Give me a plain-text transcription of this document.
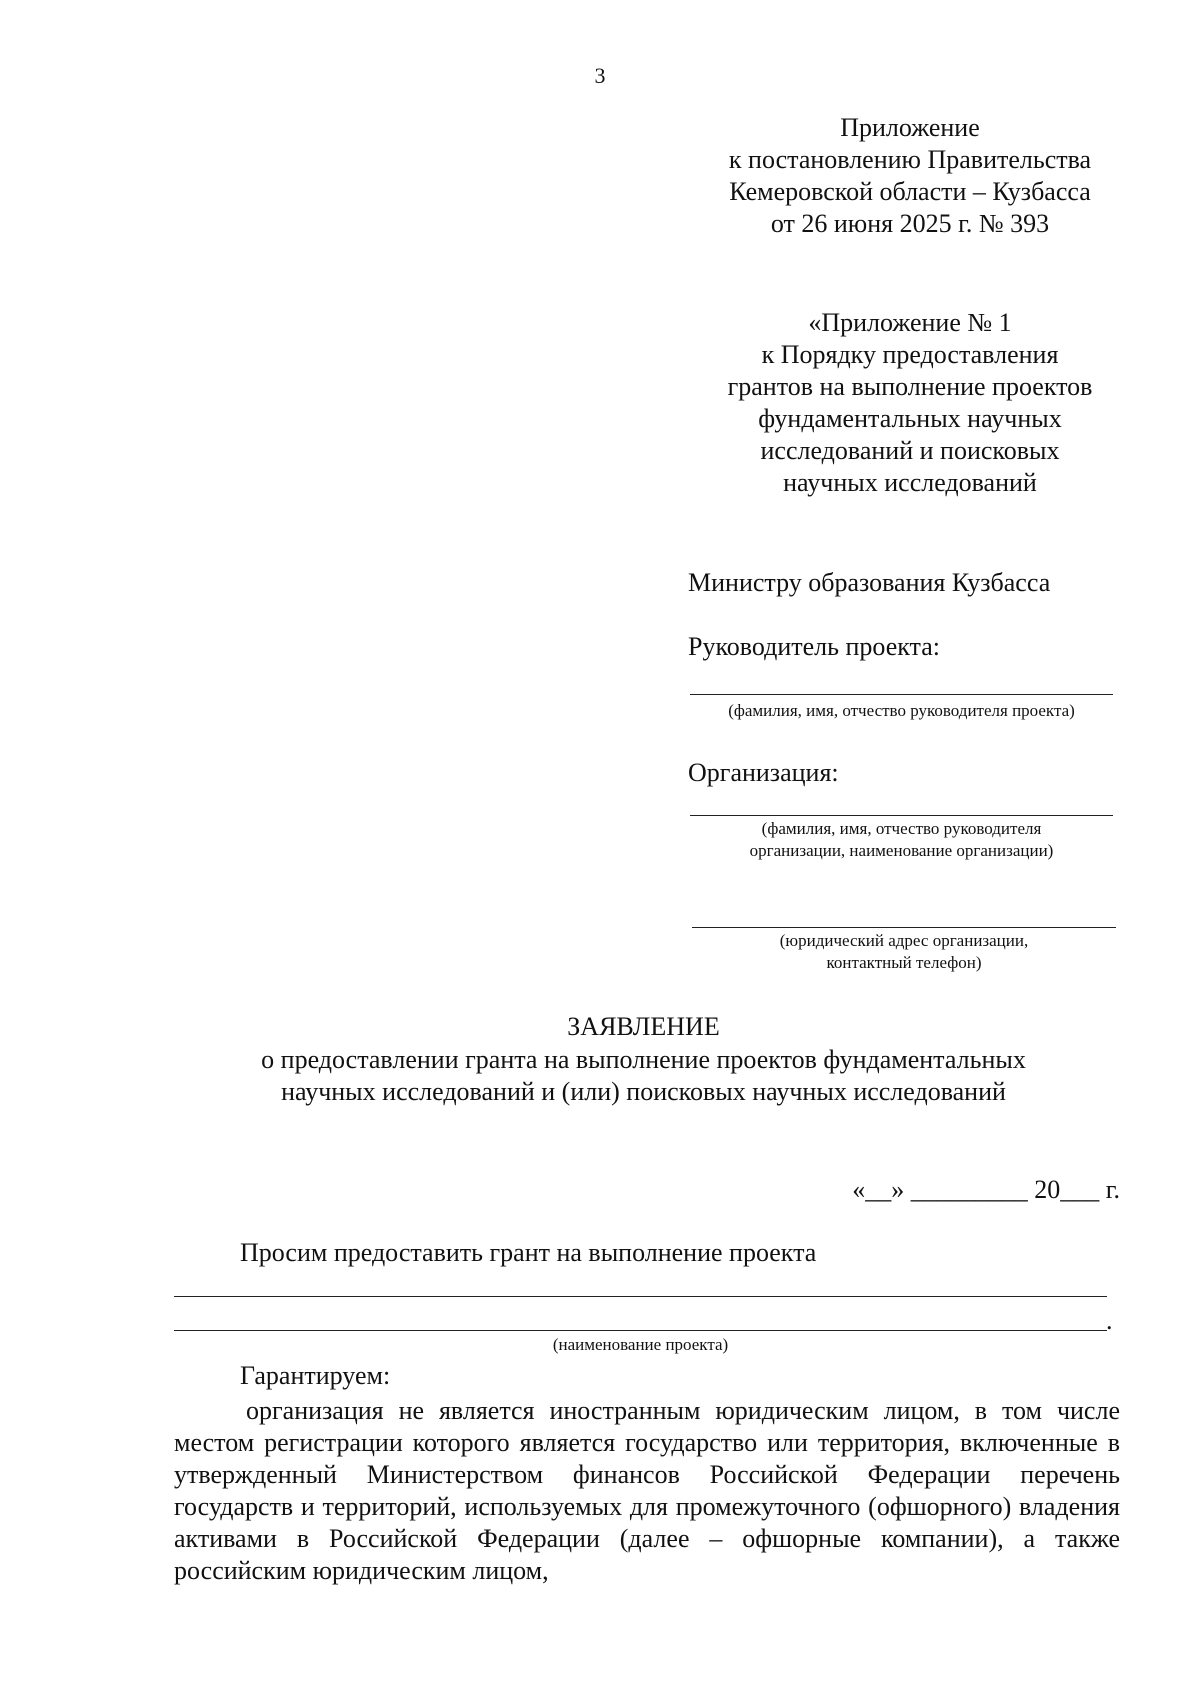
3
Приложение
к постановлению Правительства
Кемеровской области – Кузбасса
от 26 июня 2025 г. № 393
«Приложение № 1
к Порядку предоставления
грантов на выполнение проектов
фундаментальных научных
исследований и поисковых
научных исследований
Министру образования Кузбасса
Руководитель проекта:
(фамилия, имя, отчество руководителя проекта)
Организация:
(фамилия, имя, отчество руководителя
организации, наименование организации)
(юридический адрес организации,
контактный телефон)
ЗАЯВЛЕНИЕ
о предоставлении гранта на выполнение проектов фундаментальных
научных исследований и (или) поисковых научных исследований
«__» _________ 20___ г.
Просим предоставить грант на выполнение проекта
.
(наименование проекта)
Гарантируем:
организация не является иностранным юридическим лицом, в том числе местом регистрации которого является государство или территория, включенные в утвержденный Министерством финансов Российской Федерации перечень государств и территорий, используемых для промежуточного (офшорного) владения активами в Российской Федерации (далее – офшорные компании), а также российским юридическим лицом,
